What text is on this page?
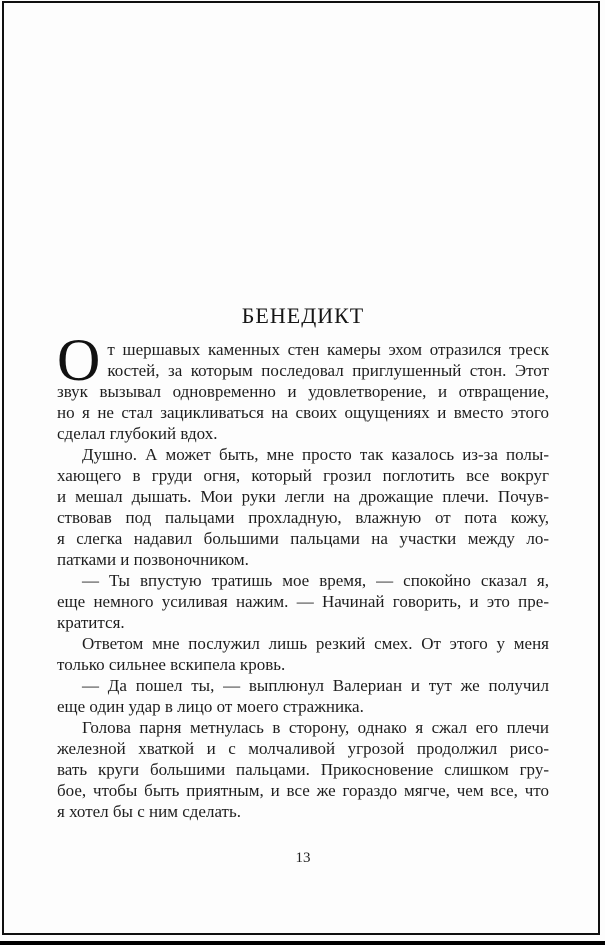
БЕНЕДИКТ
О т шершавых каменных стен камеры эхом отразился треск
костей, за которым последовал приглушенный стон. Этот
звук вызывал одновременно и удовлетворение, и отвращение,
но я не стал зацикливаться на своих ощущениях и вместо этого
сделал глубокий вдох.
Душно. А может быть, мне просто так казалось из-за полы-
хающего в груди огня, который грозил поглотить все вокруг
и мешал дышать. Мои руки легли на дрожащие плечи. Почув-
ствовав под пальцами прохладную, влажную от пота кожу,
я слегка надавил большими пальцами на участки между ло-
патками и позвоночником.
— Ты впустую тратишь мое время, — спокойно сказал я,
еще немного усиливая нажим. — Начинай говорить, и это пре-
кратится.
Ответом мне послужил лишь резкий смех. От этого у меня
только сильнее вскипела кровь.
— Да пошел ты, — выплюнул Валериан и тут же получил
еще один удар в лицо от моего стражника.
Голова парня метнулась в сторону, однако я сжал его плечи
железной хваткой и с молчаливой угрозой продолжил рисо-
вать круги большими пальцами. Прикосновение слишком гру-
бое, чтобы быть приятным, и все же гораздо мягче, чем все, что
я хотел бы с ним сделать.
13
